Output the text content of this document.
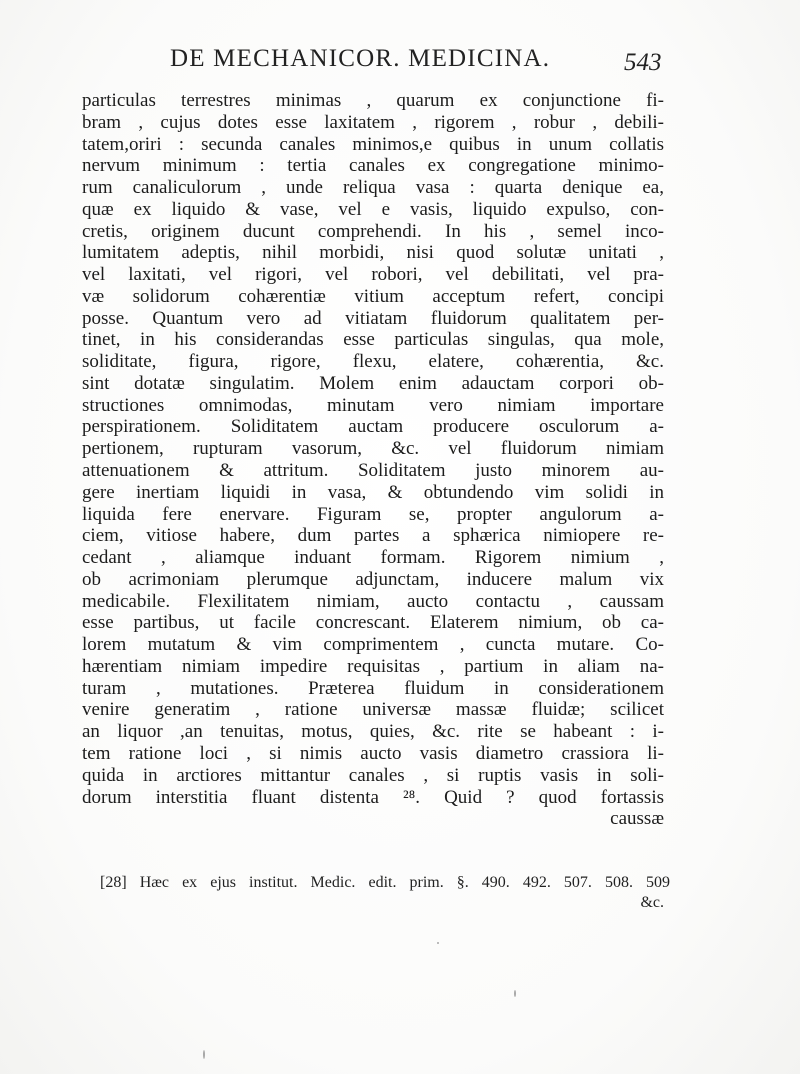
DE MECHANICOR. MEDICINA.	543
particulas terrestres minimas , quarum ex conjunctione fi-
bram , cujus dotes esse laxitatem , rigorem , robur , debili-
tatem,oriri : secunda canales minimos,e quibus in unum collatis
nervum minimum : tertia canales ex congregatione minimo-
rum canaliculorum , unde reliqua vasa : quarta denique ea,
quæ ex liquido & vase, vel e vasis, liquido expulso, con-
cretis, originem ducunt comprehendi. In his , semel inco-
lumitatem adeptis, nihil morbidi, nisi quod solutæ unitati ,
vel laxitati, vel rigori, vel robori, vel debilitati, vel pra-
væ solidorum cohærentiæ vitium acceptum refert, concipi
posse. Quantum vero ad vitiatam fluidorum qualitatem per-
tinet, in his considerandas esse particulas singulas, qua mole,
soliditate, figura, rigore, flexu, elatere, cohærentia, &c.
sint dotatæ singulatim. Molem enim adauctam corpori ob-
structiones omnimodas, minutam vero nimiam importare
perspirationem. Soliditatem auctam producere osculorum a-
pertionem, rupturam vasorum, &c. vel fluidorum nimiam
attenuationem & attritum. Soliditatem justo minorem au-
gere inertiam liquidi in vasa, & obtundendo vim solidi in
liquida fere enervare. Figuram se, propter angulorum a-
ciem, vitiose habere, dum partes a sphærica nimiopere re-
cedant , aliamque induant formam. Rigorem nimium ,
ob acrimoniam plerumque adjunctam, inducere malum vix
medicabile. Flexilitatem nimiam, aucto contactu , caussam
esse partibus, ut facile concrescant. Elaterem nimium, ob ca-
lorem mutatum & vim comprimentem , cuncta mutare. Co-
hærentiam nimiam impedire requisitas , partium in aliam na-
turam , mutationes. Præterea fluidum in considerationem
venire generatim , ratione universæ massæ fluidæ; scilicet
an liquor ,an tenuitas, motus, quies, &c. rite se habeant : i-
tem ratione loci , si nimis aucto vasis diametro crassiora li-
quida in arctiores mittantur canales , si ruptis vasis in soli-
dorum interstitia fluant distenta ²⁸. Quid ? quod fortassis
caussæ
[28] Hæc ex ejus institut. Medic. edit. prim. §. 490. 492. 507. 508. 509
&c.
